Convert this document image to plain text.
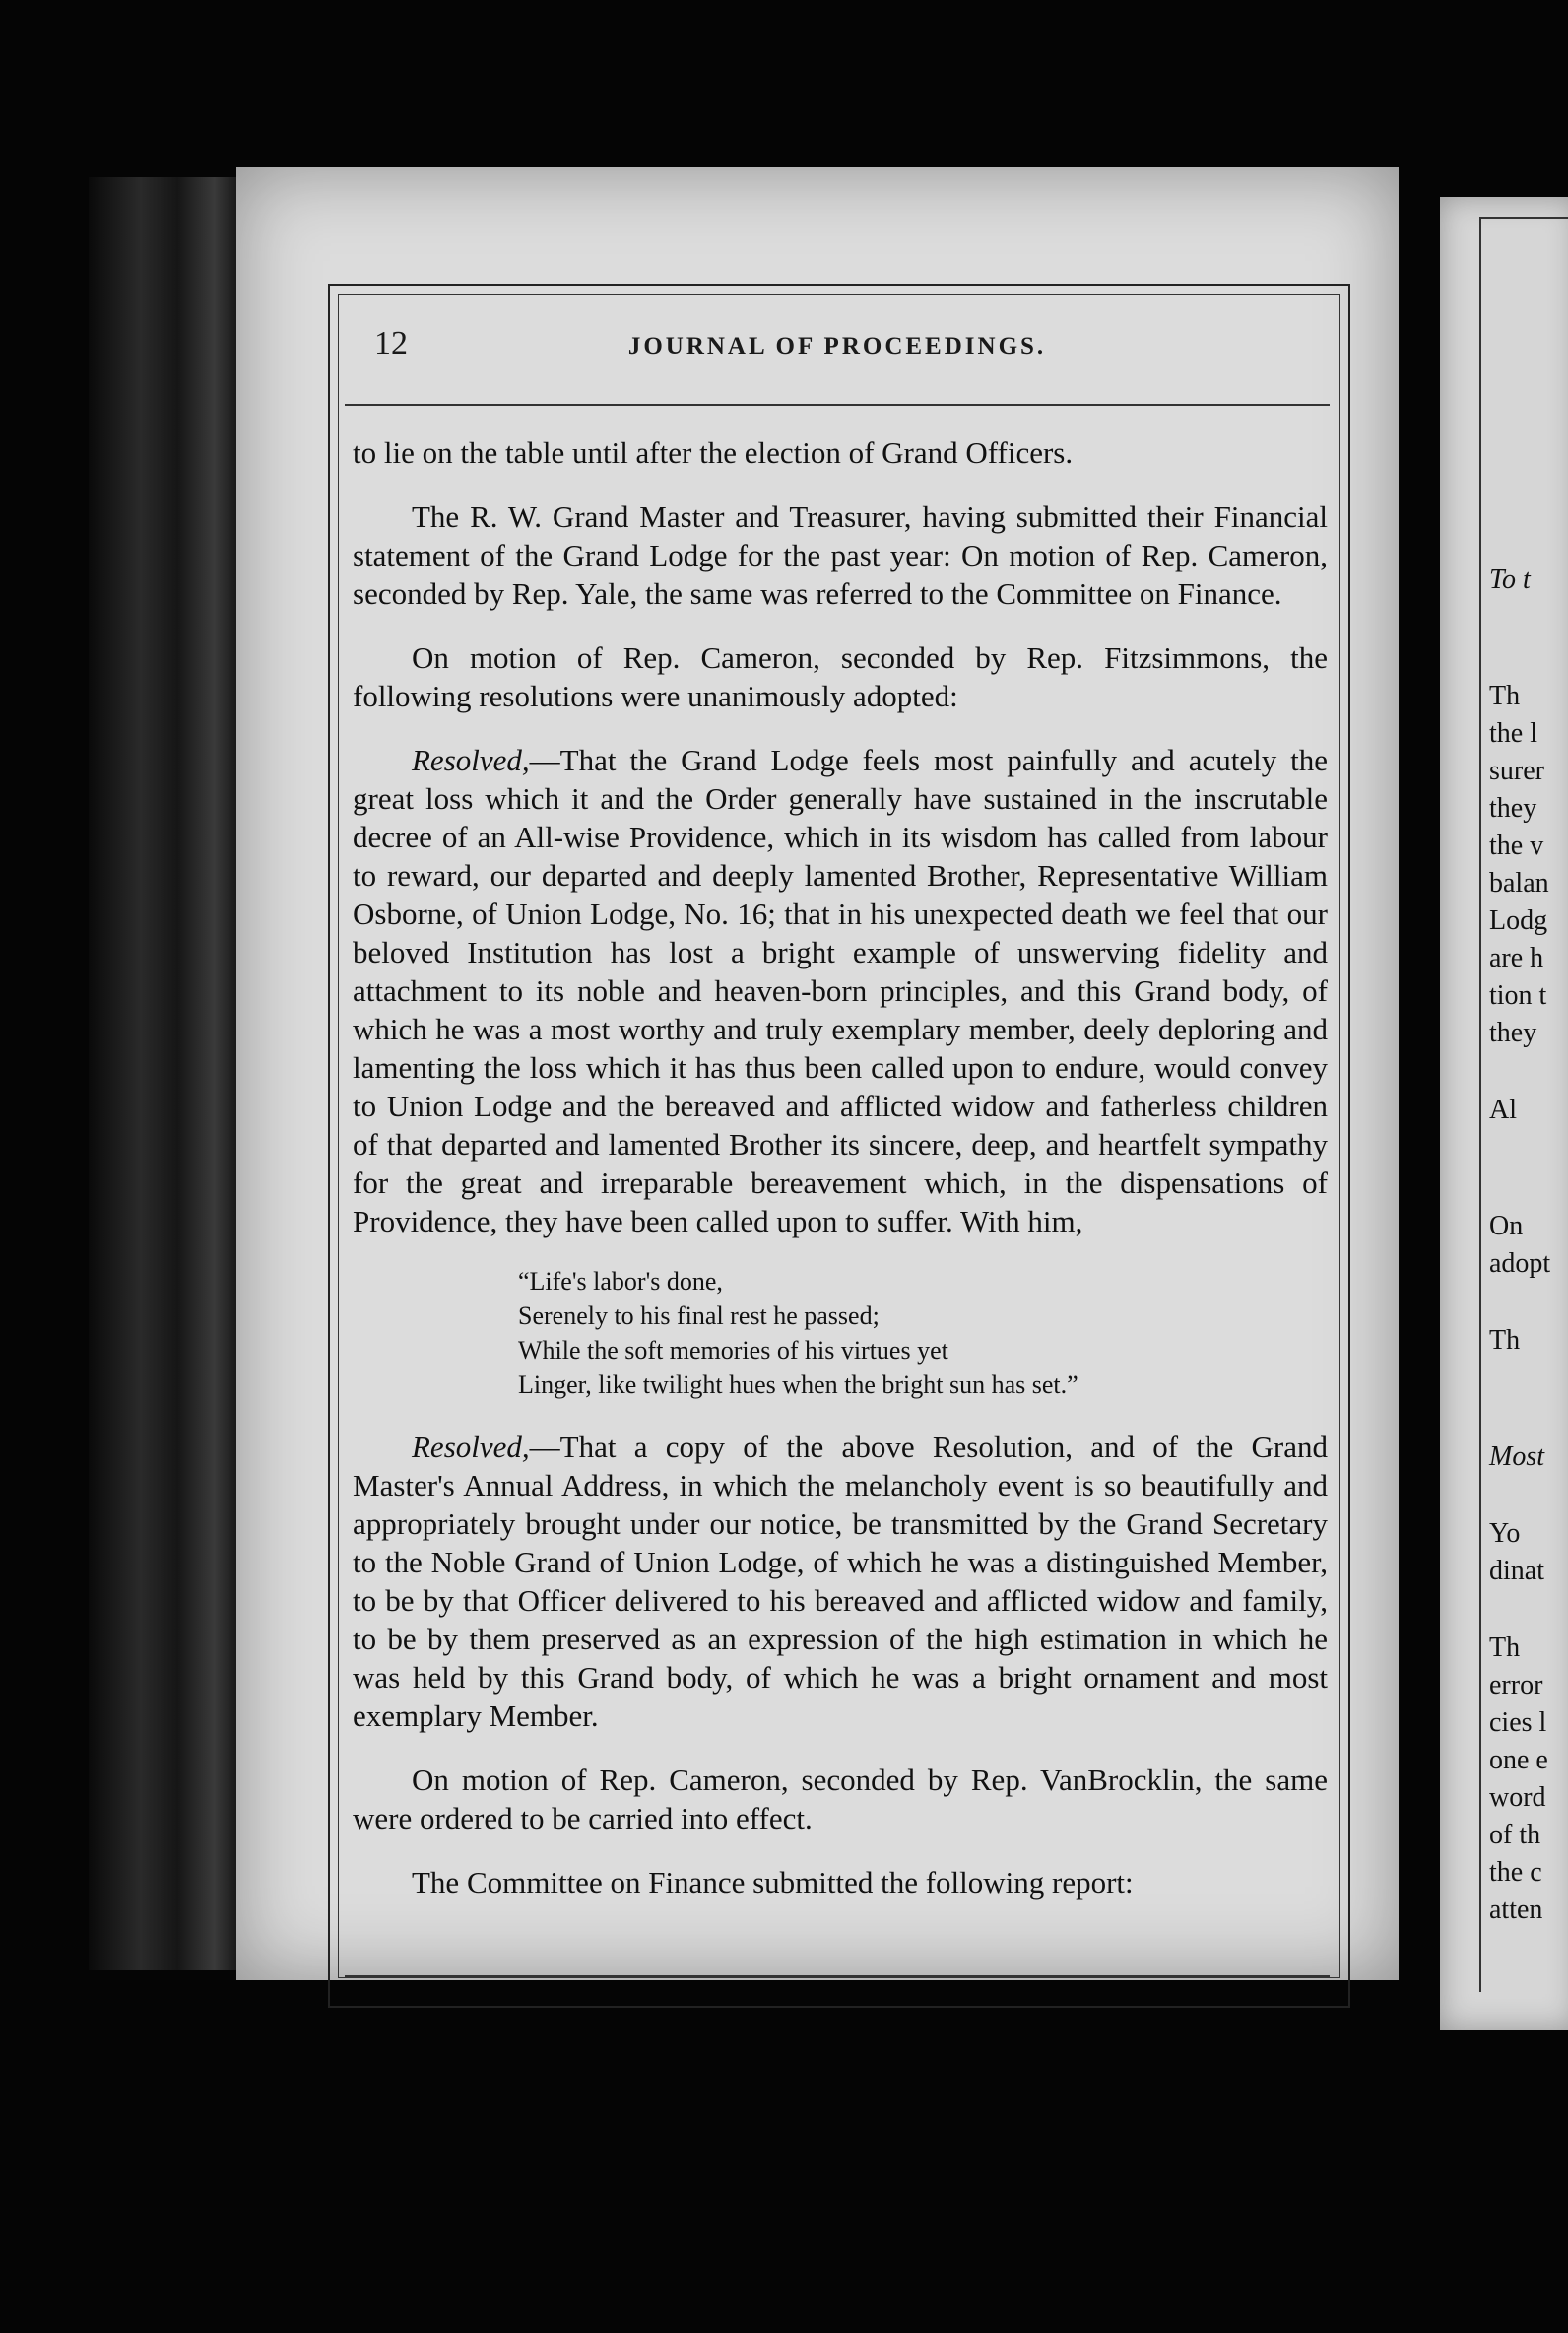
12	JOURNAL OF PROCEEDINGS.

to lie on the table until after the election of Grand Officers.

The R. W. Grand Master and Treasurer, having submitted their Financial statement of the Grand Lodge for the past year: On motion of Rep. Cameron, seconded by Rep. Yale, the same was referred to the Committee on Finance.

On motion of Rep. Cameron, seconded by Rep. Fitzsimmons, the following resolutions were unanimously adopted:

Resolved,—That the Grand Lodge feels most painfully and acutely the great loss which it and the Order generally have sustained in the inscrutable decree of an All-wise Providence, which in its wisdom has called from labour to reward, our departed and deeply lamented Brother, Representative William Osborne, of Union Lodge, No. 16; that in his unexpected death we feel that our beloved Institution has lost a bright example of unswerving fidelity and attachment to its noble and heaven-born principles, and this Grand body, of which he was a most worthy and truly exemplary member, deely deploring and lamenting the loss which it has thus been called upon to endure, would convey to Union Lodge and the bereaved and afflicted widow and fatherless children of that departed and lamented Brother its sincere, deep, and heartfelt sympathy for the great and irreparable bereavement which, in the dispensations of Providence, they have been called upon to suffer. With him,

“Life's labor's done,
Serenely to his final rest he passed;
While the soft memories of his virtues yet
Linger, like twilight hues when the bright sun has set.”

Resolved,—That a copy of the above Resolution, and of the Grand Master's Annual Address, in which the melancholy event is so beautifully and appropriately brought under our notice, be transmitted by the Grand Secretary to the Noble Grand of Union Lodge, of which he was a distinguished Member, to be by that Officer delivered to his bereaved and afflicted widow and family, to be by them preserved as an expression of the high estimation in which he was held by this Grand body, of which he was a bright ornament and most exemplary Member.

On motion of Rep. Cameron, seconded by Rep. VanBrocklin, the same were ordered to be carried into effect.

The Committee on Finance submitted the following report:

To t
Th
the l
surer
they
the v
balan
Lodg
are h
tion t
they
Al
On
adopt
Th
Most
Yo
dinat
Th
error
cies l
one e
word
of th
the c
atten
